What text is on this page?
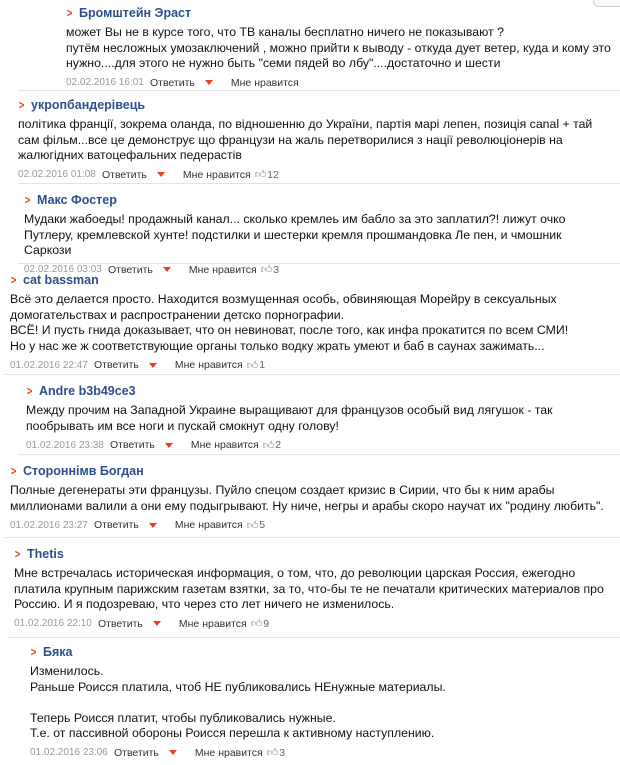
> Бромштейн Эраст
может Вы не в курсе того, что ТВ каналы бесплатно ничего не показывают ?
путём несложных умозаключений , можно прийти к выводу - откуда дует ветер, куда и кому это нужно....для этого не нужно быть "семи пядей во лбу"....достаточно и шести
02.02.2016 16:01 Ответить	Мне нравится
> укропбандерівець
політика франції, зокрема оланда, по відношенню до України, партія марі лепен, позиція canal + тай сам фільм...все це демонструє що французи на жаль перетворилися з нації революціонерів на жалюгідних ватоцефальних педерастів
02.02.2016 01:08 Ответить	Мне нравится 👍︎ 12
> Макс Фостер
Мудаки жабоеды! продажный канал... сколько кремлеь им бабло за это заплатил?! лижут очко Путлеру, кремлевской хунте! подстилки и шестерки кремля прошмандовка Ле пен, и чмошник Саркози
02.02.2016 03:03 Ответить	Мне нравится 👍︎ 3
> cat bassman
Всё это делается просто. Находится возмущенная особь, обвиняющая Морейру в сексуальных домогательствах и распространении детско порнографии.
ВСЁ! И пусть гнида доказывает, что он невиноват, после того, как инфа прокатится по всем СМИ!
Но у нас же ж соответствующие органы только водку жрать умеют и баб в саунах зажимать...
01.02.2016 22:47 Ответить	Мне нравится 👍︎ 1
> Andre b3b49ce3
Между прочим на Западной Украине выращивают для французов особый вид лягушок - так пообрывать им все ноги и пускай смокнут одну голову!
01.02.2016 23:38 Ответить	Мне нравится 👍︎ 2
> Стороннімв Богдан
Полные дегенераты эти французы. Пуйло спецом создает кризис в Сирии, что бы к ним арабы миллионами валили а они ему подыгрывают. Ну ниче, негры и арабы скоро научат их "родину любить".
01.02.2016 23:27 Ответить	Мне нравится 👍︎ 5
> Thetis
Мне встречалась историческая информация, о том, что, до революции царская Россия, ежегодно платила крупным парижским газетам взятки, за то, что-бы те не печатали критических материалов про Россию. И я подозреваю, что через сто лет ничего не изменилось.
01.02.2016 22:10 Ответить	Мне нравится 👍︎ 9
> Бяка
Изменилось.
Раньше Роисся платила, чтоб НЕ публиковались НЕнужные материалы.

Теперь Роисся платит, чтобы публиковались нужные.
Т.е. от пассивной обороны Роисся перешла к активному наступлению.
01.02.2016 23:06 Ответить	Мне нравится 👍︎ 3
